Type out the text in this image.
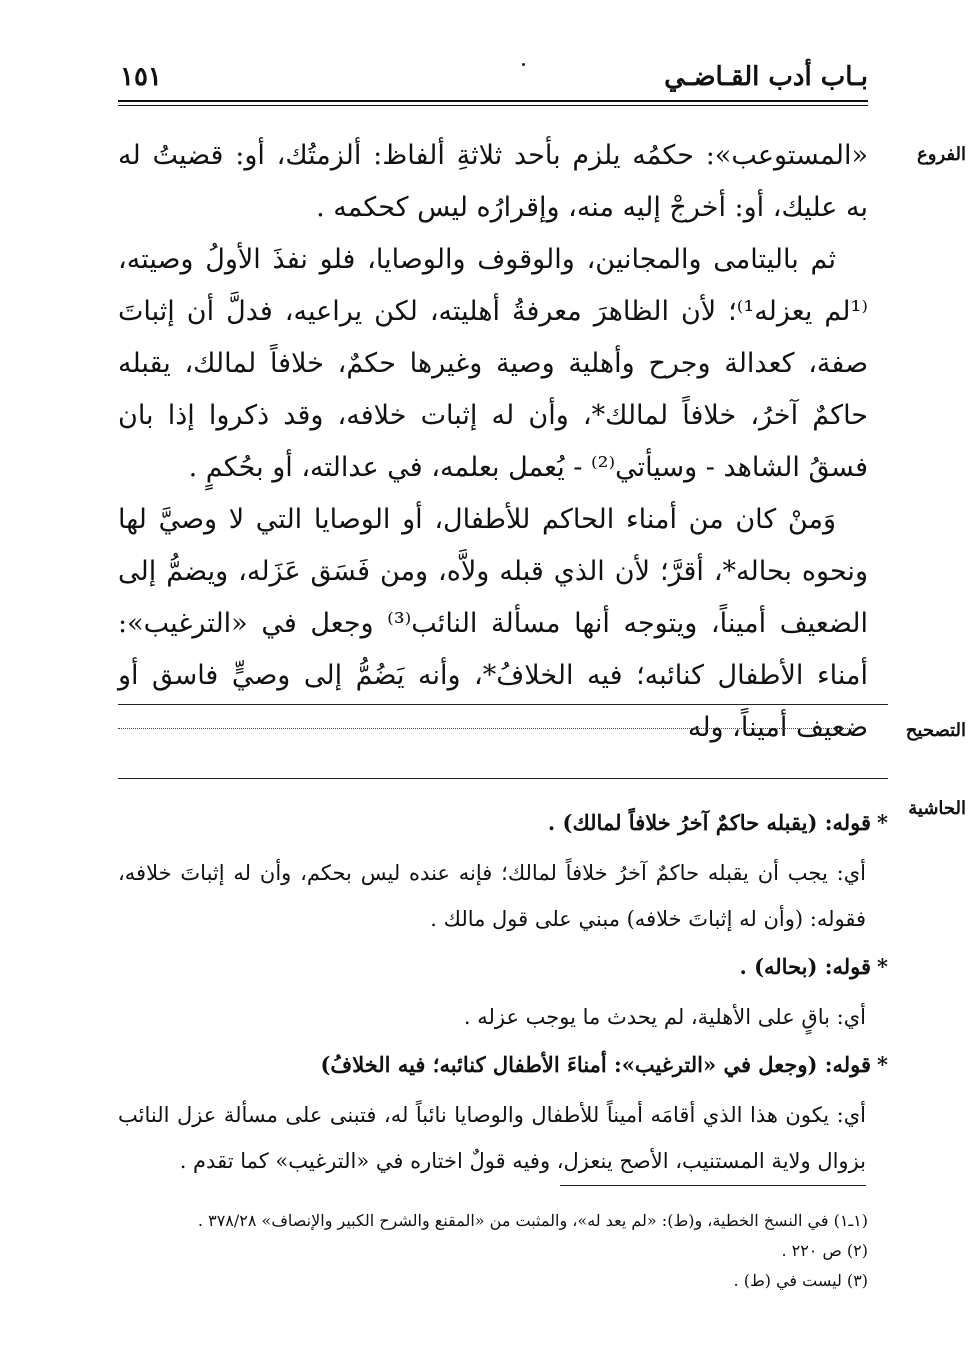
١٥١	بـاب أدب القـاضـي
الفروع
التصحيح
الحاشية

«المستوعب»: حكمُه يلزم بأحد ثلاثةِ ألفاظ: ألزمتُك، أو: قضيتُ له به عليك، أو: أخرجْ إليه منه، وإقرارُه ليس كحكمه .

ثم باليتامى والمجانين، والوقوف والوصايا، فلو نفذَ الأولُ وصيته، ⁽¹لم يعزله¹⁾؛ لأن الظاهرَ معرفةُ أهليته، لكن يراعيه، فدلَّ أن إثباتَ صفة، كعدالة وجرح وأهلية وصية وغيرها حكمٌ، خلافاً لمالك، يقبله حاكمٌ آخرُ، خلافاً لمالك*، وأن له إثبات خلافه، وقد ذكروا إذا بان فسقُ الشاهد - وسيأتي⁽²⁾ - يُعمل بعلمه، في عدالته، أو بحُكمٍ .

وَمنْ كان من أمناء الحاكم للأطفال، أو الوصايا التي لا وصيَّ لها ونحوه بحاله*، أقرَّ؛ لأن الذي قبله ولاَّه، ومن فَسَق عَزَله، ويضمُّ إلى الضعيف أميناً، ويتوجه أنها مسألة النائب⁽³⁾ وجعل في «الترغيب»: أمناء الأطفال كنائبه؛ فيه الخلافُ*، وأنه يَضُمُّ إلى وصيٍّ فاسق أو ضعيف أميناً، وله

*قوله: (يقبله حاكمٌ آخرُ خلافاً لمالك) .
أي: يجب أن يقبله حاكمٌ آخرُ خلافاً لمالك؛ فإنه عنده ليس بحكم، وأن له إثباتَ خلافه، فقوله: (وأن له إثباتَ خلافه) مبني على قول مالك .
*قوله: (بحاله) .
أي: باقٍ على الأهلية، لم يحدث ما يوجب عزله .
*قوله: (وجعل في «الترغيب»: أمناءَ الأطفال كنائبه؛ فيه الخلافُ)
أي: يكون هذا الذي أقامَه أميناً للأطفال والوصايا نائباً له، فتبنى على مسألة عزل النائب بزوال ولاية المستنيب، الأصح ينعزل، وفيه قولٌ اختاره في «الترغيب» كما تقدم .
(١ـ١) في النسخ الخطية، و(ط): «لم يعد له»، والمثبت من «المقنع والشرح الكبير والإنصاف» ٣٧٨/٢٨ .
(٢) ص ٢٢٠ .
(٣) ليست في (ط) .
